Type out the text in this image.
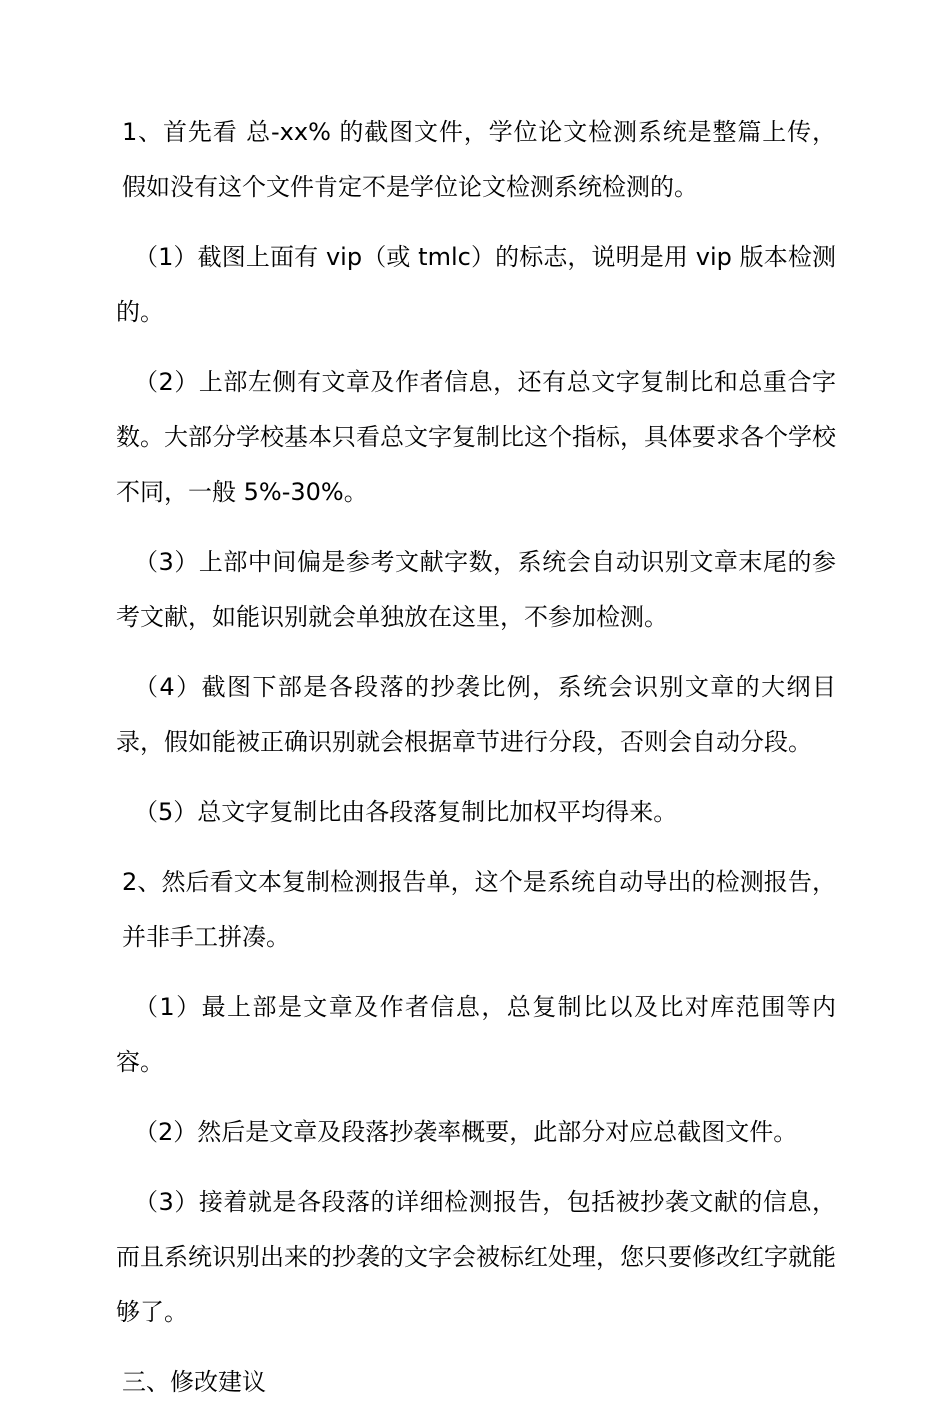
1、首先看 总-xx% 的截图文件，学位论文检测系统是整篇上传，假如没有这个文件肯定不是学位论文检测系统检测的。

（1）截图上面有 vip（或 tmlc）的标志，说明是用 vip 版本检测的。

（2）上部左侧有文章及作者信息，还有总文字复制比和总重合字数。大部分学校基本只看总文字复制比这个指标，具体要求各个学校不同，一般 5%-30%。

（3）上部中间偏是参考文献字数，系统会自动识别文章末尾的参考文献，如能识别就会单独放在这里，不参加检测。

（4）截图下部是各段落的抄袭比例，系统会识别文章的大纲目录，假如能被正确识别就会根据章节进行分段，否则会自动分段。

（5）总文字复制比由各段落复制比加权平均得来。

2、然后看文本复制检测报告单，这个是系统自动导出的检测报告，并非手工拼凑。

（1）最上部是文章及作者信息，总复制比以及比对库范围等内容。

（2）然后是文章及段落抄袭率概要，此部分对应总截图文件。

（3）接着就是各段落的详细检测报告，包括被抄袭文献的信息，而且系统识别出来的抄袭的文字会被标红处理，您只要修改红字就能够了。

三、修改建议
